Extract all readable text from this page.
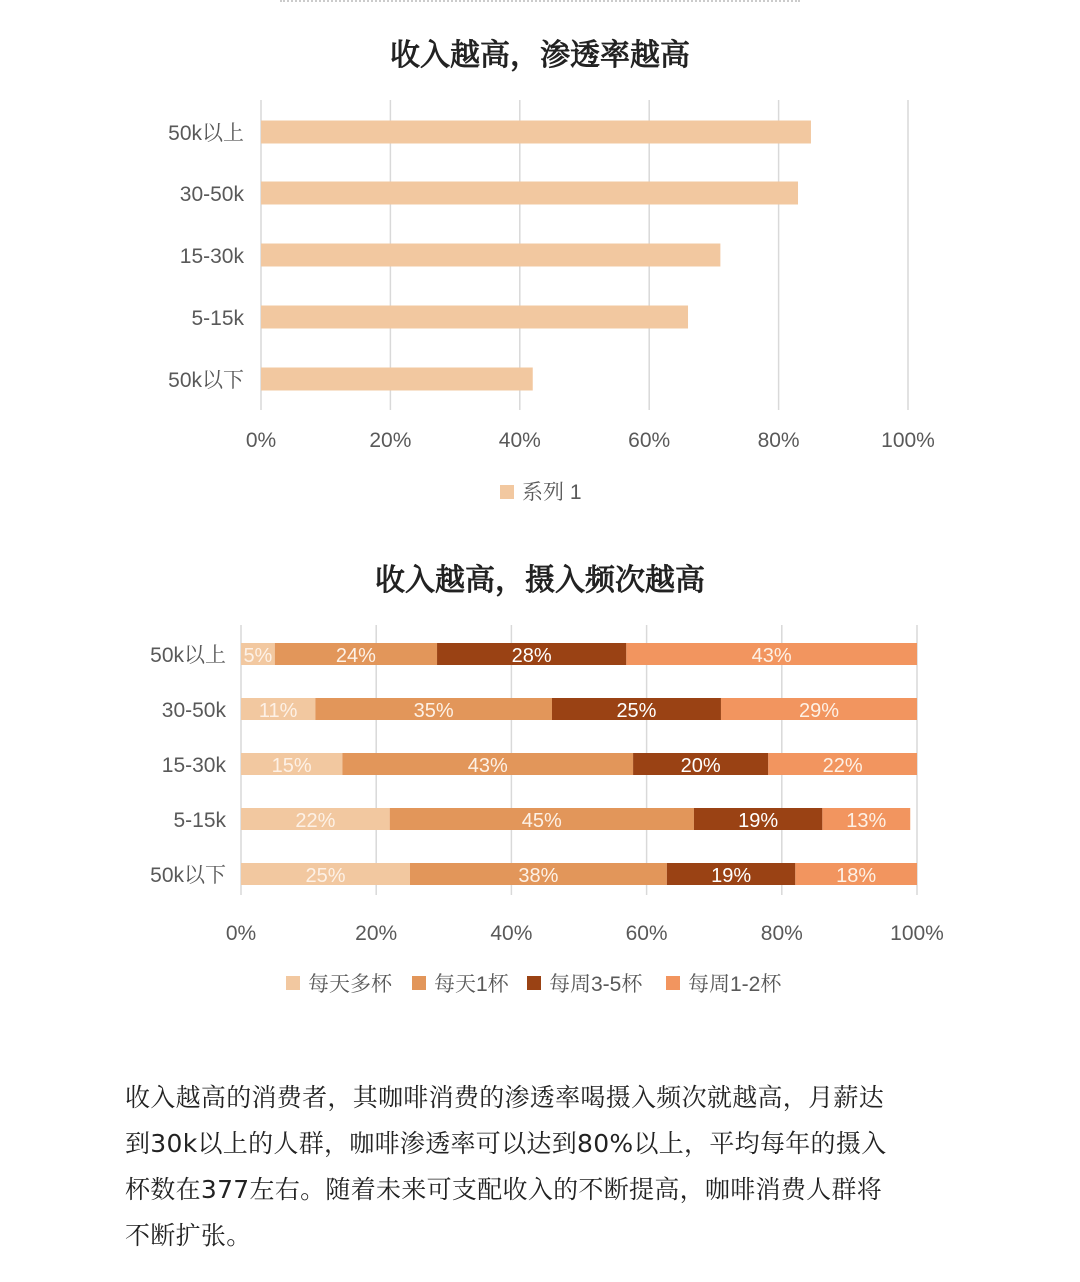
收入越高，渗透率越高
0%	20%	40%	60%	80%	100%
50k以上
30-50k
15-30k
5-15k
50k以下
系列 1
收入越高，摄入频次越高
0%	20%	40%	60%	80%	100%
50k以上 5%	24%	28%	43%
30-50k 11%	35%	25%	29%
15-30k 15%	43%	20%	22%
5-15k	22%	45%	19%	13%
50k以下	25%	38%	19%	18%
每天多杯 每天1杯 每周3-5杯 每周1-2杯
收入越高的消费者，其咖啡消费的渗透率喝摄入频次就越高，月薪达
到30k以上的人群，咖啡渗透率可以达到80%以上，平均每年的摄入
杯数在377左右。随着未来可支配收入的不断提高，咖啡消费人群将
不断扩张。
